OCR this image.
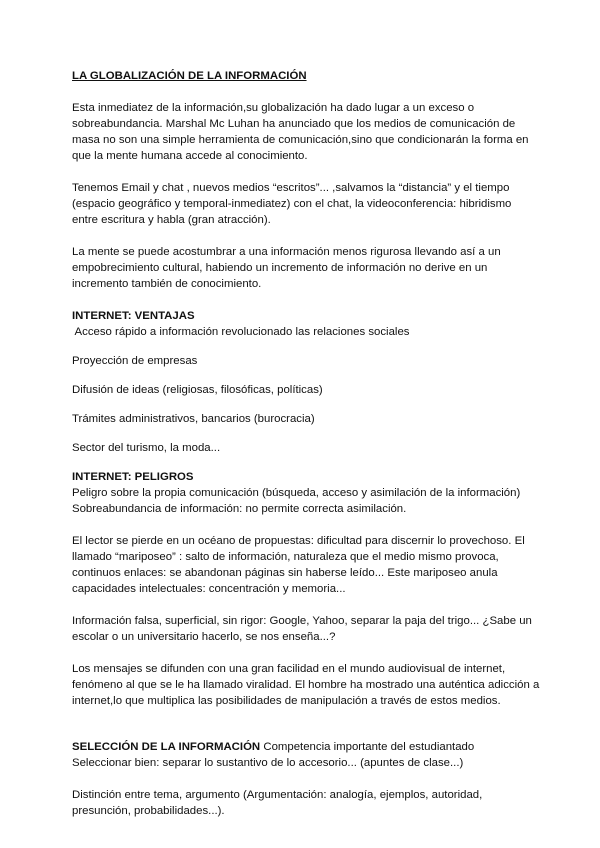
LA GLOBALIZACIÓN DE LA INFORMACIÓN

Esta inmediatez de la información,su globalización ha dado lugar a un exceso o sobreabundancia. Marshal Mc Luhan ha anunciado que los medios de comunicación de masa no son una simple herramienta de comunicación,sino que condicionarán la forma en que la mente humana accede al conocimiento.

Tenemos Email y chat , nuevos medios “escritos”... ,salvamos la “distancia” y el tiempo (espacio geográfico y temporal-inmediatez) con el chat, la videoconferencia: hibridismo entre escritura y habla (gran atracción).

La mente se puede acostumbrar a una información menos rigurosa llevando así a un empobrecimiento cultural, habiendo un incremento de información no derive en un incremento también de conocimiento.

INTERNET: VENTAJAS

Acceso rápido a información revolucionado las relaciones sociales

Proyección de empresas

Difusión de ideas (religiosas, filosóficas, políticas)

Trámites administrativos, bancarios (burocracia)

Sector del turismo, la moda...

INTERNET: PELIGROS

Peligro sobre la propia comunicación (búsqueda, acceso y asimilación de la información) Sobreabundancia de información: no permite correcta asimilación.

El lector se pierde en un océano de propuestas: dificultad para discernir lo provechoso. El llamado “mariposeo” : salto de información, naturaleza que el medio mismo provoca, continuos enlaces: se abandonan páginas sin haberse leído... Este mariposeo anula capacidades intelectuales: concentración y memoria...

Información falsa, superficial, sin rigor: Google, Yahoo, separar la paja del trigo... ¿Sabe un escolar o un universitario hacerlo, se nos enseña...?

Los mensajes se difunden con una gran facilidad en el mundo audiovisual de internet, fenómeno al que se le ha llamado viralidad. El hombre ha mostrado una auténtica adicción a internet,lo que multiplica las posibilidades de manipulación a través de estos medios.

SELECCIÓN DE LA INFORMACIÓN Competencia importante del estudiantado

Seleccionar bien: separar lo sustantivo de lo accesorio... (apuntes de clase...)

Distinción entre tema, argumento (Argumentación: analogía, ejemplos, autoridad, presunción, probabilidades...).
